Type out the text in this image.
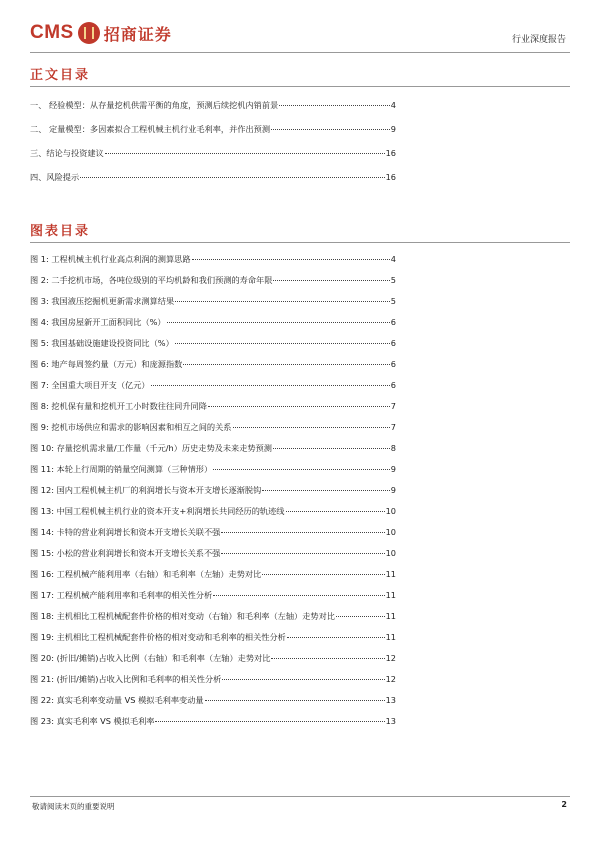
CMS 招商证券	行业深度报告
正文目录
一、 经验模型：从存量挖机供需平衡的角度，预测后续挖机内销前景	4
二、 定量模型：多因素拟合工程机械主机行业毛利率，并作出预测	9
三、结论与投资建议	16
四、风险提示	16
图表目录
图 1: 工程机械主机行业高点利润的测算思路	4
图 2: 二手挖机市场，各吨位级别的平均机龄和我们预测的寿命年限	5
图 3: 我国液压挖掘机更新需求测算结果	5
图 4: 我国房屋新开工面积同比（%）	6
图 5: 我国基础设施建设投资同比（%）	6
图 6: 地产每周签约量（万元）和庞源指数	6
图 7: 全国重大项目开支（亿元）	6
图 8: 挖机保有量和挖机开工小时数往往同升同降	7
图 9: 挖机市场供应和需求的影响因素和相互之间的关系	7
图 10: 存量挖机需求量/工作量（千元/h）历史走势及未来走势预测	8
图 11: 本轮上行周期的销量空间测算（三种情形）	9
图 12: 国内工程机械主机厂的利润增长与资本开支增长逐渐脱钩	9
图 13: 中国工程机械主机行业的资本开支+利润增长共同经历的轨迹线	10
图 14: 卡特的营业利润增长和资本开支增长关联不强	10
图 15: 小松的营业利润增长和资本开支增长关系不强	10
图 16: 工程机械产能利用率（右轴）和毛利率（左轴）走势对比	11
图 17: 工程机械产能利用率和毛利率的相关性分析	11
图 18: 主机相比工程机械配套件价格的相对变动（右轴）和毛利率（左轴）走势对比	11
图 19: 主机相比工程机械配套件价格的相对变动和毛利率的相关性分析	11
图 20: (折旧/摊销)占收入比例（右轴）和毛利率（左轴）走势对比	12
图 21: (折旧/摊销)占收入比例和毛利率的相关性分析	12
图 22: 真实毛利率变动量 VS 模拟毛利率变动量	13
图 23: 真实毛利率 VS 模拟毛利率	13
敬请阅读末页的重要说明	2
